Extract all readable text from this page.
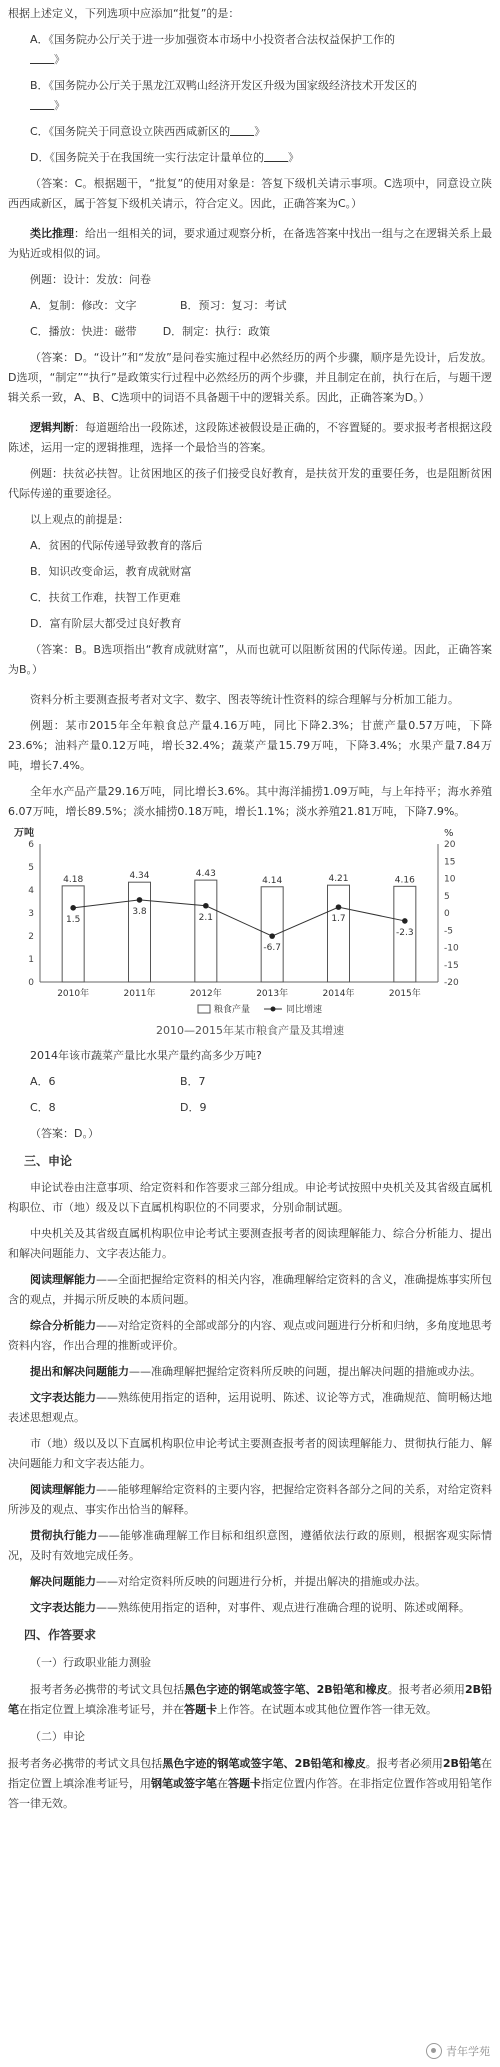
根据上述定义，下列选项中应添加“批复”的是：

A．《国务院办公厅关于进一步加强资本市场中小投资者合法权益保护工作的
》
B．《国务院办公厅关于黑龙江双鸭山经济开发区升级为国家级经济技术开发区的
》
C．《国务院关于同意设立陕西西咸新区的 》
D．《国务院关于在我国统一实行法定计量单位的 》

（答案：C。根据题干，“批复”的使用对象是：答复下级机关请示事项。C选项中，同意设立陕西西咸新区，属于答复下级机关请示，符合定义。因此，正确答案为C。）

类比推理：给出一组相关的词，要求通过观察分析，在备选答案中找出一组与之在逻辑关系上最为贴近或相似的词。

例题：设计：发放：问卷

A．复制：修改：文字	B．预习：复习：考试
C．播放：快进：磁带 D．制定：执行：政策

（答案：D。“设计”和“发放”是问卷实施过程中必然经历的两个步骤，顺序是先设计，后发放。D选项，“制定”“执行”是政策实行过程中必然经历的两个步骤，并且制定在前，执行在后，与题干逻辑关系一致，A、B、C选项中的词语不具备题干中的逻辑关系。因此，正确答案为D。）

逻辑判断：每道题给出一段陈述，这段陈述被假设是正确的，不容置疑的。要求报考者根据这段陈述，运用一定的逻辑推理，选择一个最恰当的答案。

例题：扶贫必扶智。让贫困地区的孩子们接受良好教育，是扶贫开发的重要任务，也是阻断贫困代际传递的重要途径。

以上观点的前提是：

A．贫困的代际传递导致教育的落后
B．知识改变命运，教育成就财富
C．扶贫工作难，扶智工作更难
D．富有阶层大都受过良好教育

（答案：B。B选项指出“教育成就财富”，从而也就可以阻断贫困的代际传递。因此，正确答案为B。）

资料分析主要测查报考者对文字、数字、图表等统计性资料的综合理解与分析加工能力。

例题：某市2015年全年粮食总产量4.16万吨，同比下降2.3%；甘蔗产量0.57万吨，下降23.6%；油料产量0.12万吨，增长32.4%；蔬菜产量15.79万吨，下降3.4%；水果产量7.84万吨，增长7.4%。

全年水产品产量29.16万吨，同比增长3.6%。其中海洋捕捞1.09万吨，与上年持平；海水养殖6.07万吨，增长89.5%；淡水捕捞0.18万吨，增长1.1%；淡水养殖21.81万吨，下降7.9%。

万吨	%
0
1
2
3
4
5
6	20
15
10
5
0
-5
-10
-15
-20
4.18
2010年
4.34
2011年
4.43
2012年
4.14
2013年
4.21
2014年
4.16
2015年
1.5
3.8
2.1
-6.7
1.7
-2.3
粮食产量	同比增速
2010—2015年某市粮食产量及其增速

2014年该市蔬菜产量比水果产量约高多少万吨?

A．6	B．7
C．8	D．9

（答案：D。）

三、申论

申论试卷由注意事项、给定资料和作答要求三部分组成。申论考试按照中央机关及其省级直属机构职位、市（地）级及以下直属机构职位的不同要求，分别命制试题。

中央机关及其省级直属机构职位申论考试主要测查报考者的阅读理解能力、综合分析能力、提出和解决问题能力、文字表达能力。

阅读理解能力——全面把握给定资料的相关内容，准确理解给定资料的含义，准确提炼事实所包含的观点，并揭示所反映的本质问题。

综合分析能力——对给定资料的全部或部分的内容、观点或问题进行分析和归纳，多角度地思考资料内容，作出合理的推断或评价。

提出和解决问题能力——准确理解把握给定资料所反映的问题，提出解决问题的措施或办法。

文字表达能力——熟练使用指定的语种，运用说明、陈述、议论等方式，准确规范、简明畅达地表述思想观点。

市（地）级以及以下直属机构职位申论考试主要测查报考者的阅读理解能力、贯彻执行能力、解决问题能力和文字表达能力。

阅读理解能力——能够理解给定资料的主要内容，把握给定资料各部分之间的关系，对给定资料所涉及的观点、事实作出恰当的解释。

贯彻执行能力——能够准确理解工作目标和组织意图，遵循依法行政的原则，根据客观实际情况，及时有效地完成任务。

解决问题能力——对给定资料所反映的问题进行分析，并提出解决的措施或办法。

文字表达能力——熟练使用指定的语种，对事件、观点进行准确合理的说明、陈述或阐释。

四、作答要求
（一）行政职业能力测验

报考者务必携带的考试文具包括黑色字迹的钢笔或签字笔、2B铅笔和橡皮。报考者必须用2B铅笔在指定位置上填涂准考证号，并在答题卡上作答。在试题本或其他位置作答一律无效。

（二）申论

报考者务必携带的考试文具包括黑色字迹的钢笔或签字笔、2B铅笔和橡皮。报考者必须用2B铅笔在指定位置上填涂准考证号，用钢笔或签字笔在答题卡指定位置内作答。在非指定位置作答或用铅笔作答一律无效。

青年学苑
